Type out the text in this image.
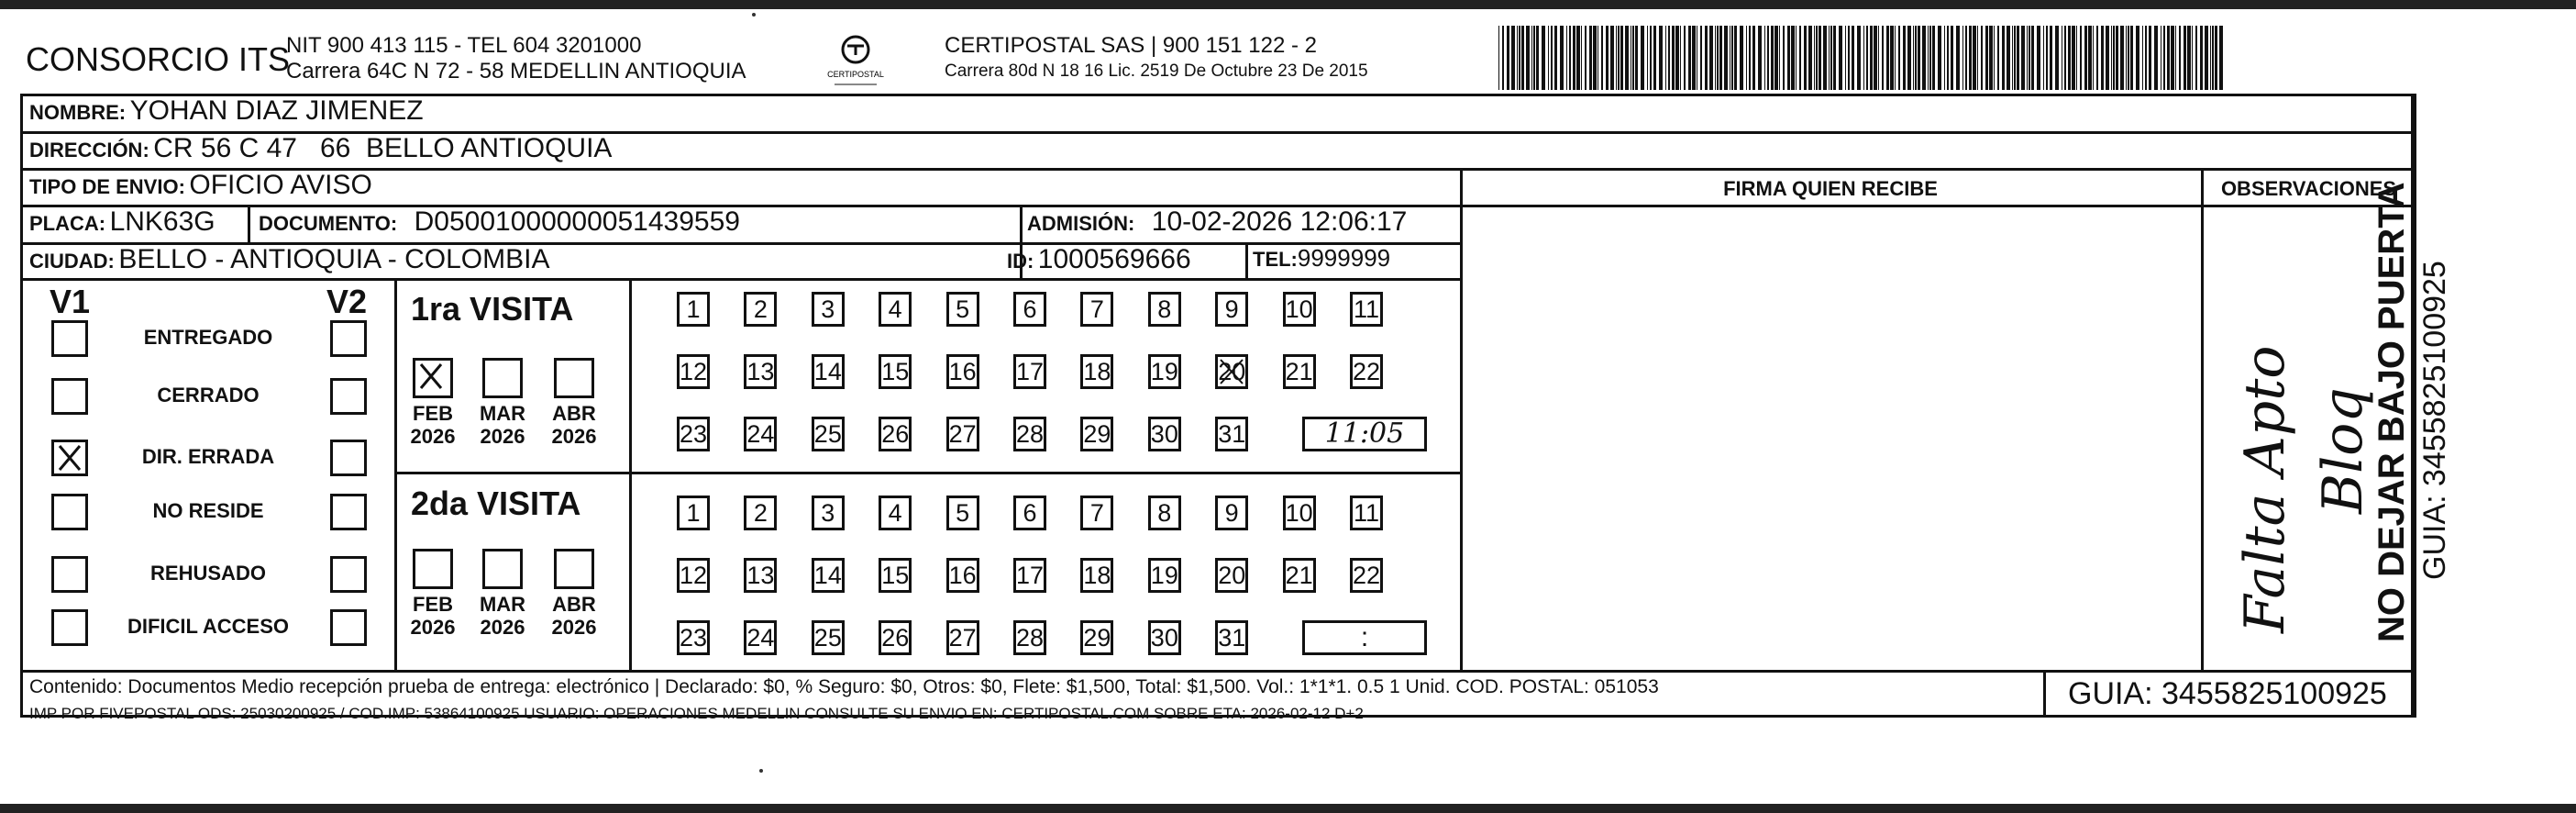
CONSORCIO ITS
NIT 900 413 115 - TEL 604 3201000
Carrera 64C N 72 - 58 MEDELLIN ANTIOQUIA	CERTIPOSTAL
CERTIPOSTAL SAS | 900 151 122 - 2
Carrera 80d N 18 16 Lic. 2519 De Octubre 23 De 2015
NOMBRE: YOHAN DIAZ JIMENEZ
DIRECCIÓN: CR 56 C 47   66  BELLO ANTIOQUIA
TIPO DE ENVIO: OFICIO AVISO
PLACA: LNK63G DOCUMENTO: D05001000000051439559	ADMISIÓN: 10-02-2026 12:06:17
CIUDAD: BELLO - ANTIOQUIA - COLOMBIA	ID: 1000569666	TEL:9999999
FIRMA QUIEN RECIBE	OBSERVACIONES
V1	V2
ENTREGADO
CERRADO
DIR. ERRADA
NO RESIDE
REHUSADO
DIFICIL ACCESO
1ra VISITA
FEB
2026
MAR
2026
ABR
2026
1	2	3	4	5	6	7	8	9	10 11
12 13 14 15 16 17 18 19 20 21 22
23 24 25 26 27 28 29 30 31	11:05
2da VISITA
FEB
2026
MAR
2026
ABR
2026
1	2	3	4	5	6	7	8	9	10 11
12 13 14 15 16 17 18 19 20 21 22
23 24 25 26 27 28 29 30 31	:
Falta Apto Bloq
NO DEJAR BAJO PUERTA GUIA: 3455825100925
Contenido: Documentos Medio recepción prueba de entrega: electrónico | Declarado: $0, % Seguro: $0, Otros: $0, Flete: $1,500, Total: $1,500. Vol.: 1*1*1. 0.5 1 Unid. COD. POSTAL: 051053
IMP POR FIVEPOSTAL ODS: 25030200925 / COD.IMP: 53864100925 USUARIO: OPERACIONES MEDELLIN CONSULTE SU ENVIO EN: CERTIPOSTAL.COM SOBRE ETA: 2026-02-12 D+2
GUIA: 3455825100925
